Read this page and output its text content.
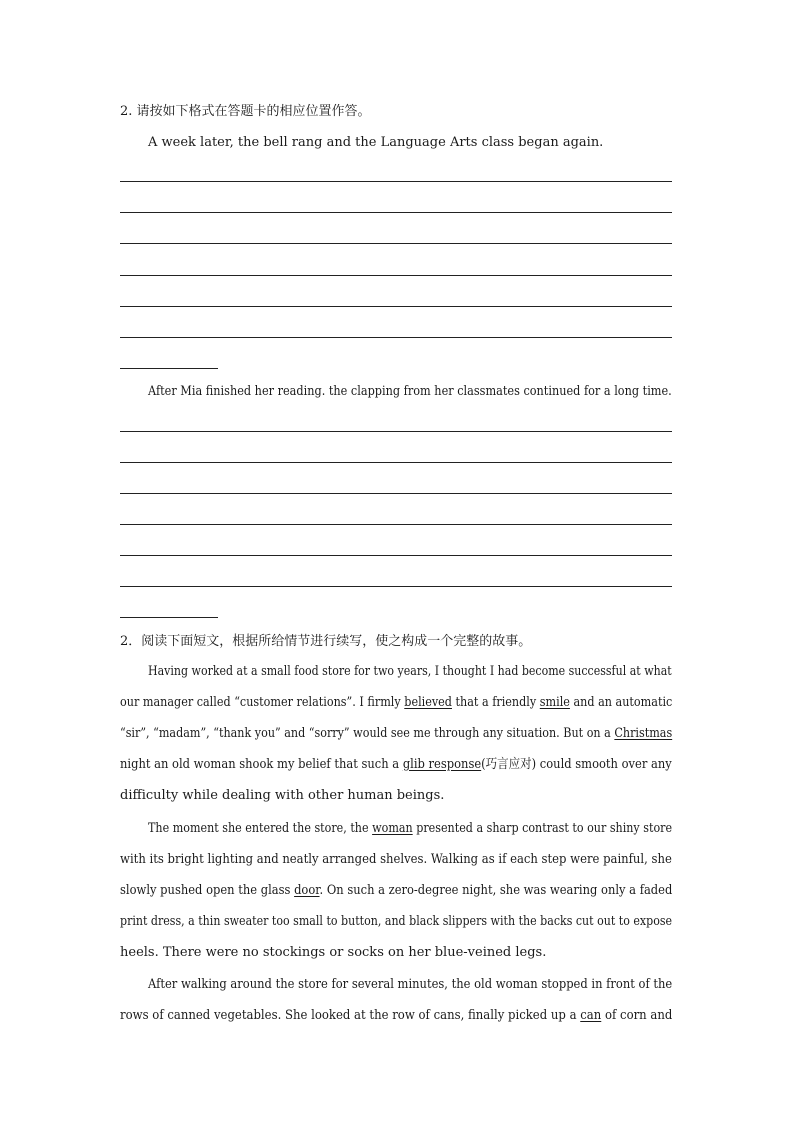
2. 请按如下格式在答题卡的相应位置作答。
A week later, the bell rang and the Language Arts class began again.
After Mia finished her reading. the clapping from her classmates continued for a long time.
2．阅读下面短文，根据所给情节进行续写，使之构成一个完整的故事。
Having worked at a small food store for two years, I thought I had become successful at what
our manager called “customer relations”. I firmly believed that a friendly smile and an automatic
“sir”, “madam”, “thank you” and “sorry” would see me through any situation. But on a Christmas
night an old woman shook my belief that such a glib response(巧言应对) could smooth over any
difficulty while dealing with other human beings.
The moment she entered the store, the woman presented a sharp contrast to our shiny store
with its bright lighting and neatly arranged shelves. Walking as if each step were painful, she
slowly pushed open the glass door. On such a zero-degree night, she was wearing only a faded
print dress, a thin sweater too small to button, and black slippers with the backs cut out to expose
heels. There were no stockings or socks on her blue-veined legs.
After walking around the store for several minutes, the old woman stopped in front of the
rows of canned vegetables. She looked at the row of cans, finally picked up a can of corn and
